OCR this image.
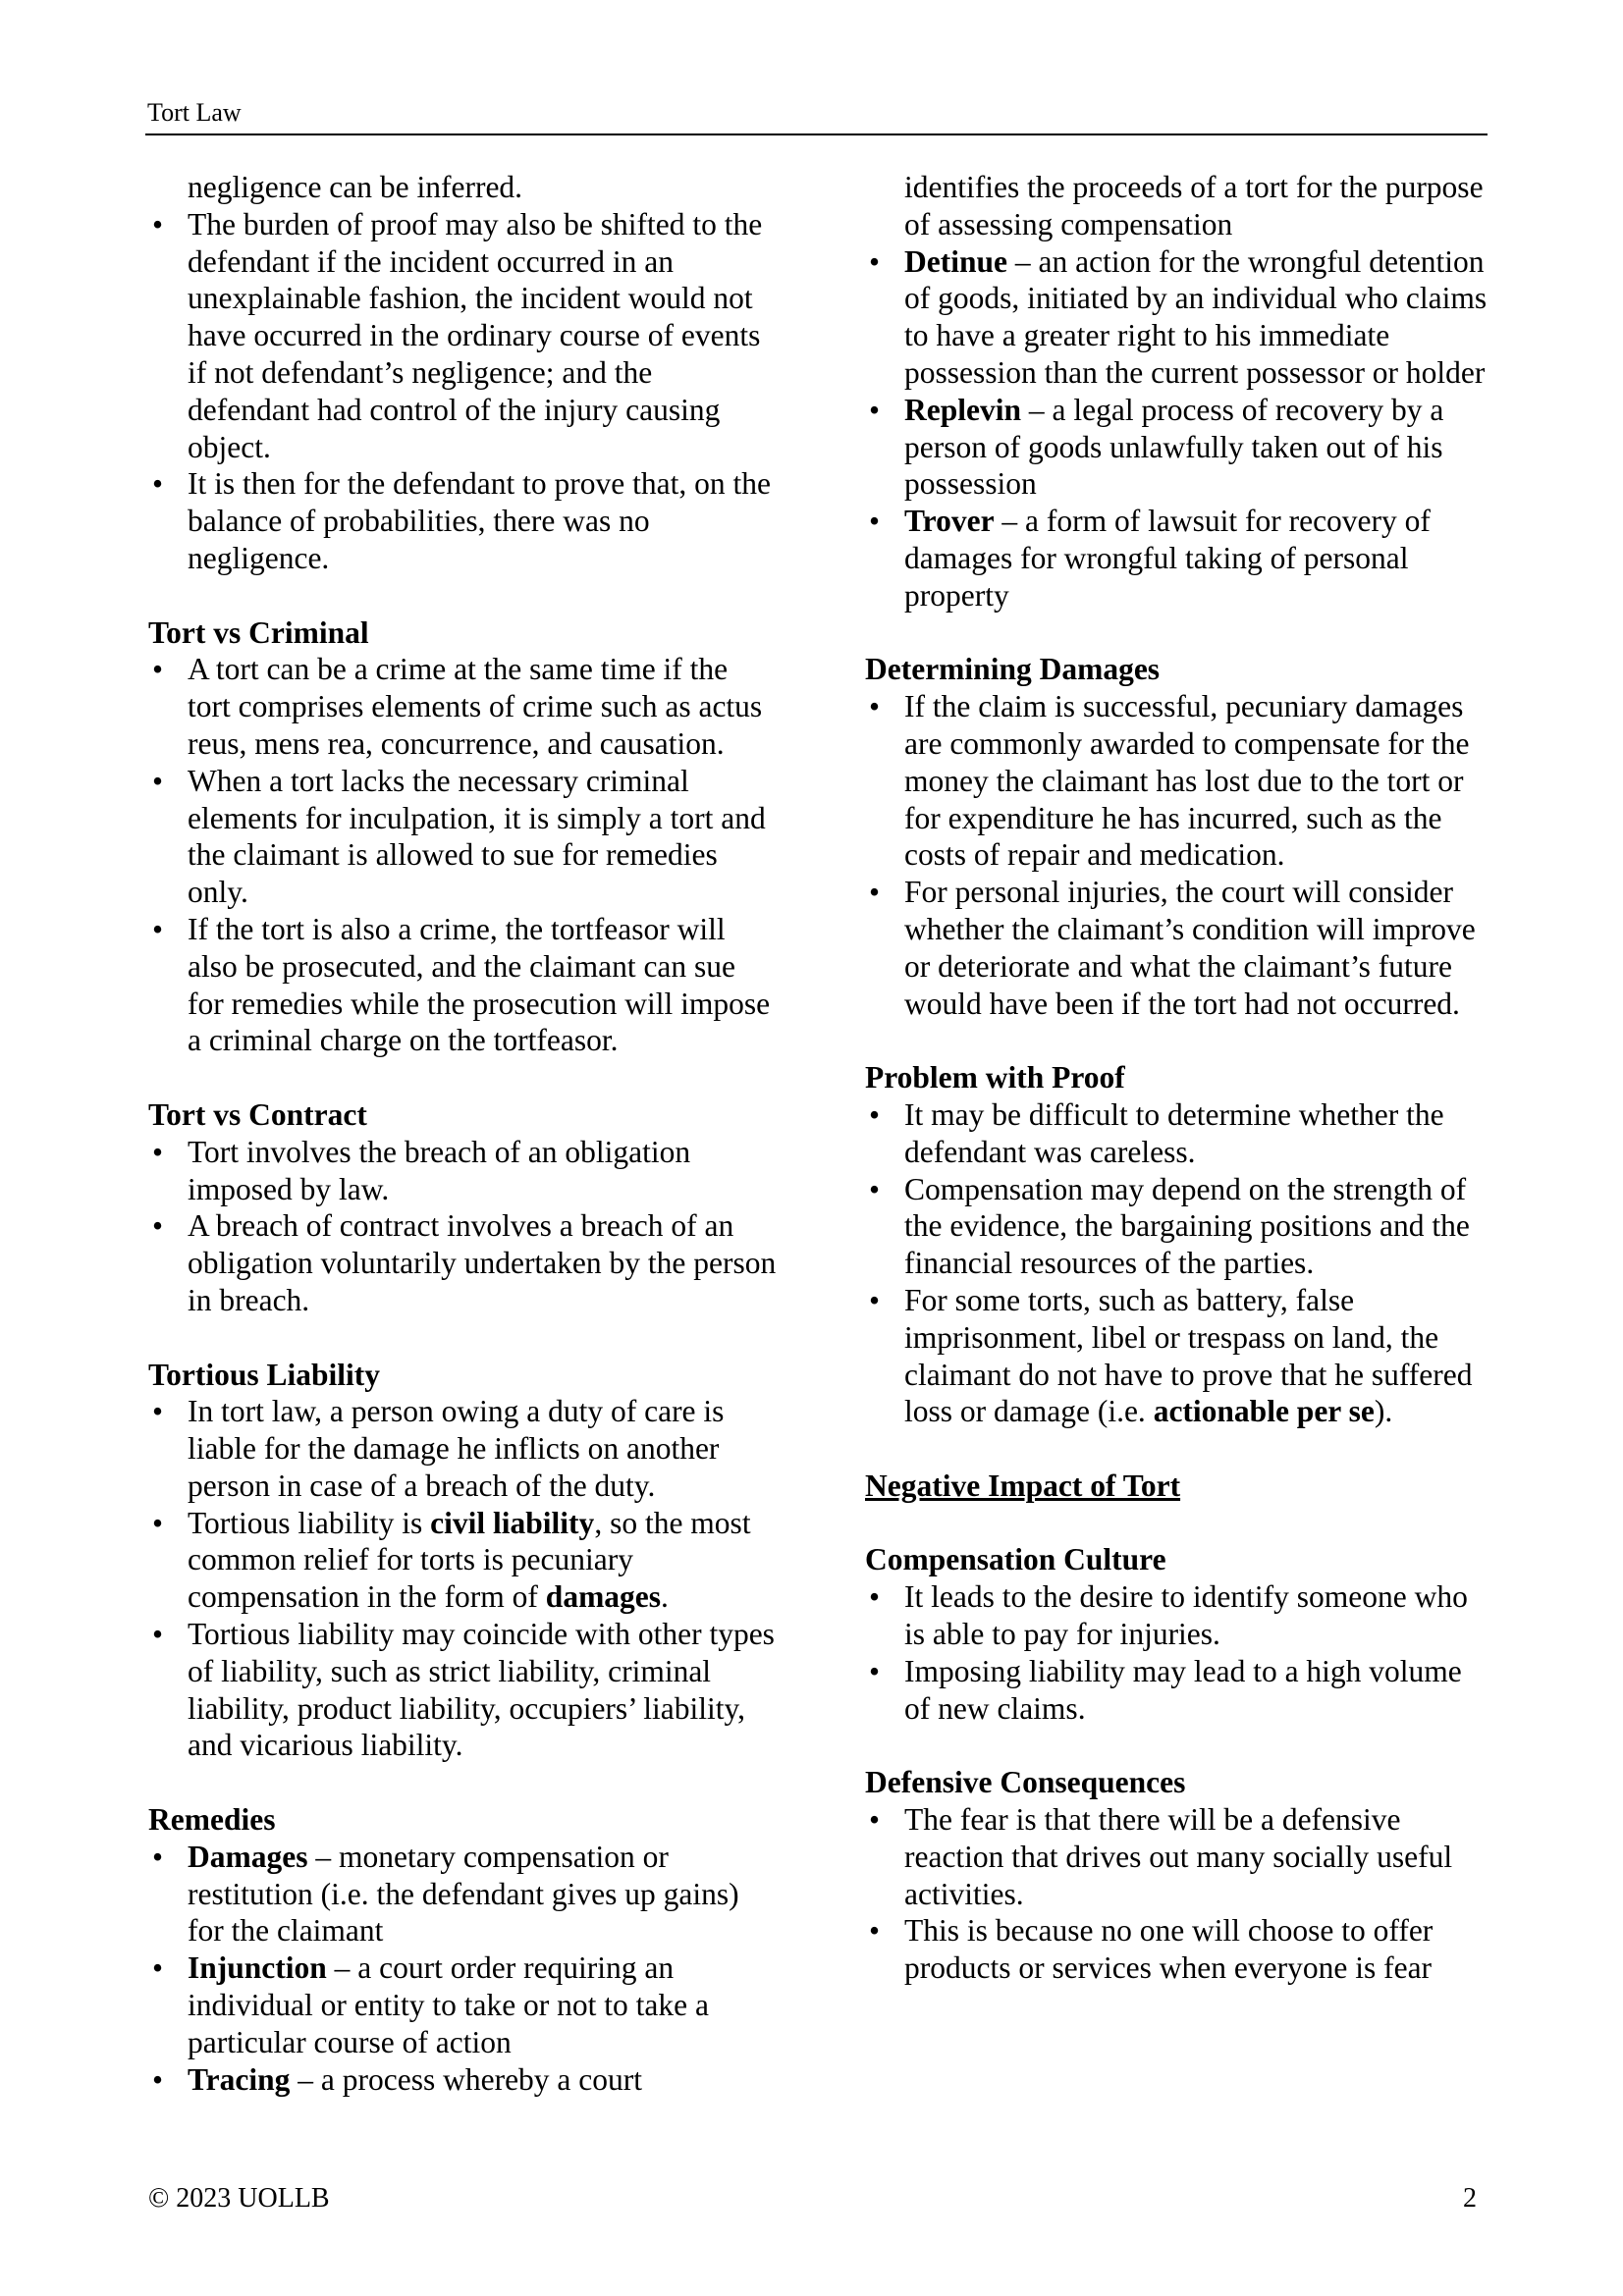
Tort Law
negligence can be inferred.
• The burden of proof may also be shifted to the defendant if the incident occurred in an unexplainable fashion, the incident would not have occurred in the ordinary course of events if not defendant’s negligence; and the defendant had control of the injury causing object.
• It is then for the defendant to prove that, on the balance of probabilities, there was no negligence.
Tort vs Criminal
• A tort can be a crime at the same time if the tort comprises elements of crime such as actus reus, mens rea, concurrence, and causation.
• When a tort lacks the necessary criminal elements for inculpation, it is simply a tort and the claimant is allowed to sue for remedies only.
• If the tort is also a crime, the tortfeasor will also be prosecuted, and the claimant can sue for remedies while the prosecution will impose a criminal charge on the tortfeasor.
Tort vs Contract
• Tort involves the breach of an obligation imposed by law.
• A breach of contract involves a breach of an obligation voluntarily undertaken by the person in breach.
Tortious Liability
• In tort law, a person owing a duty of care is liable for the damage he inflicts on another person in case of a breach of the duty.
• Tortious liability is civil liability, so the most common relief for torts is pecuniary compensation in the form of damages.
• Tortious liability may coincide with other types of liability, such as strict liability, criminal liability, product liability, occupiers’ liability, and vicarious liability.
Remedies
• Damages – monetary compensation or restitution (i.e. the defendant gives up gains) for the claimant
• Injunction – a court order requiring an individual or entity to take or not to take a particular course of action
• Tracing – a process whereby a court
identifies the proceeds of a tort for the purpose of assessing compensation
• Detinue – an action for the wrongful detention of goods, initiated by an individual who claims to have a greater right to his immediate possession than the current possessor or holder
• Replevin – a legal process of recovery by a person of goods unlawfully taken out of his possession
• Trover – a form of lawsuit for recovery of damages for wrongful taking of personal property
Determining Damages
• If the claim is successful, pecuniary damages are commonly awarded to compensate for the money the claimant has lost due to the tort or for expenditure he has incurred, such as the costs of repair and medication.
• For personal injuries, the court will consider whether the claimant’s condition will improve or deteriorate and what the claimant’s future would have been if the tort had not occurred.
Problem with Proof
• It may be difficult to determine whether the defendant was careless.
• Compensation may depend on the strength of the evidence, the bargaining positions and the financial resources of the parties.
• For some torts, such as battery, false imprisonment, libel or trespass on land, the claimant do not have to prove that he suffered loss or damage (i.e. actionable per se).
Negative Impact of Tort
Compensation Culture
• It leads to the desire to identify someone who is able to pay for injuries.
• Imposing liability may lead to a high volume of new claims.
Defensive Consequences
• The fear is that there will be a defensive reaction that drives out many socially useful activities.
• This is because no one will choose to offer products or services when everyone is fear
© 2023 UOLLB	2
